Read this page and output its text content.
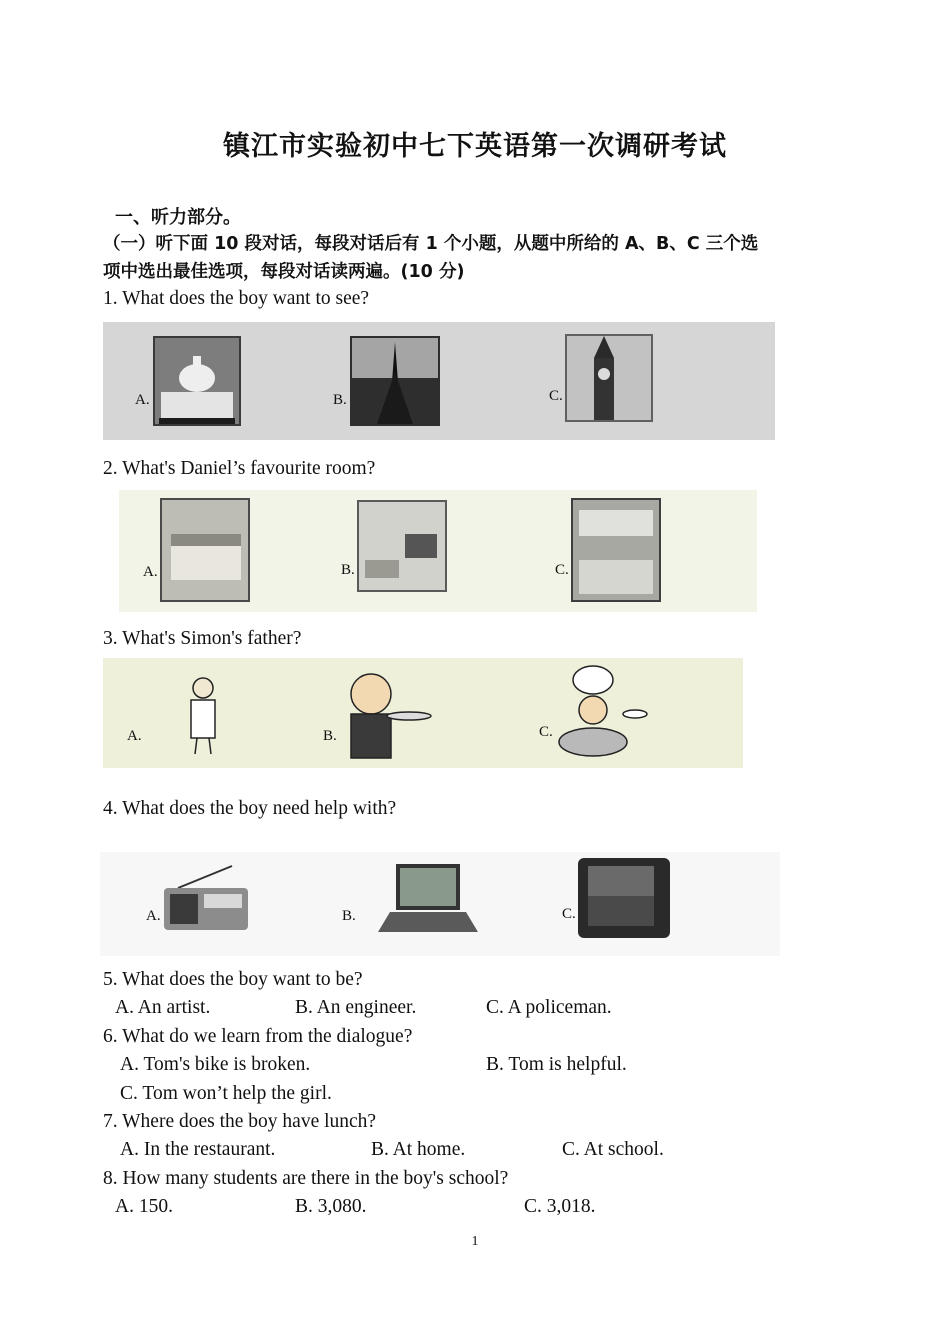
镇江市实验初中七下英语第一次调研考试
一、听力部分。
（一）听下面 10 段对话，每段对话后有 1 个小题，从题中所给的 A、B、C 三个选
项中选出最佳选项，每段对话读两遍。(10 分)
1. What does the boy want to see?
A.	B.	C.
2. What's Daniel’s favourite room?
A.	B.	C.
3. What's Simon's father?
A.	B.	C.
4. What does the boy need help with?
A.	B.	C.
5. What does the boy want to be?
A. An artist.	B. An engineer.	C. A policeman.
6. What do we learn from the dialogue?
A. Tom's bike is broken.	B. Tom is helpful.
C. Tom won’t help the girl.
7. Where does the boy have lunch?
A. In the restaurant.	B. At home.	C. At school.
8. How many students are there in the boy's school?
A. 150.	B. 3,080.	C. 3,018.
1
